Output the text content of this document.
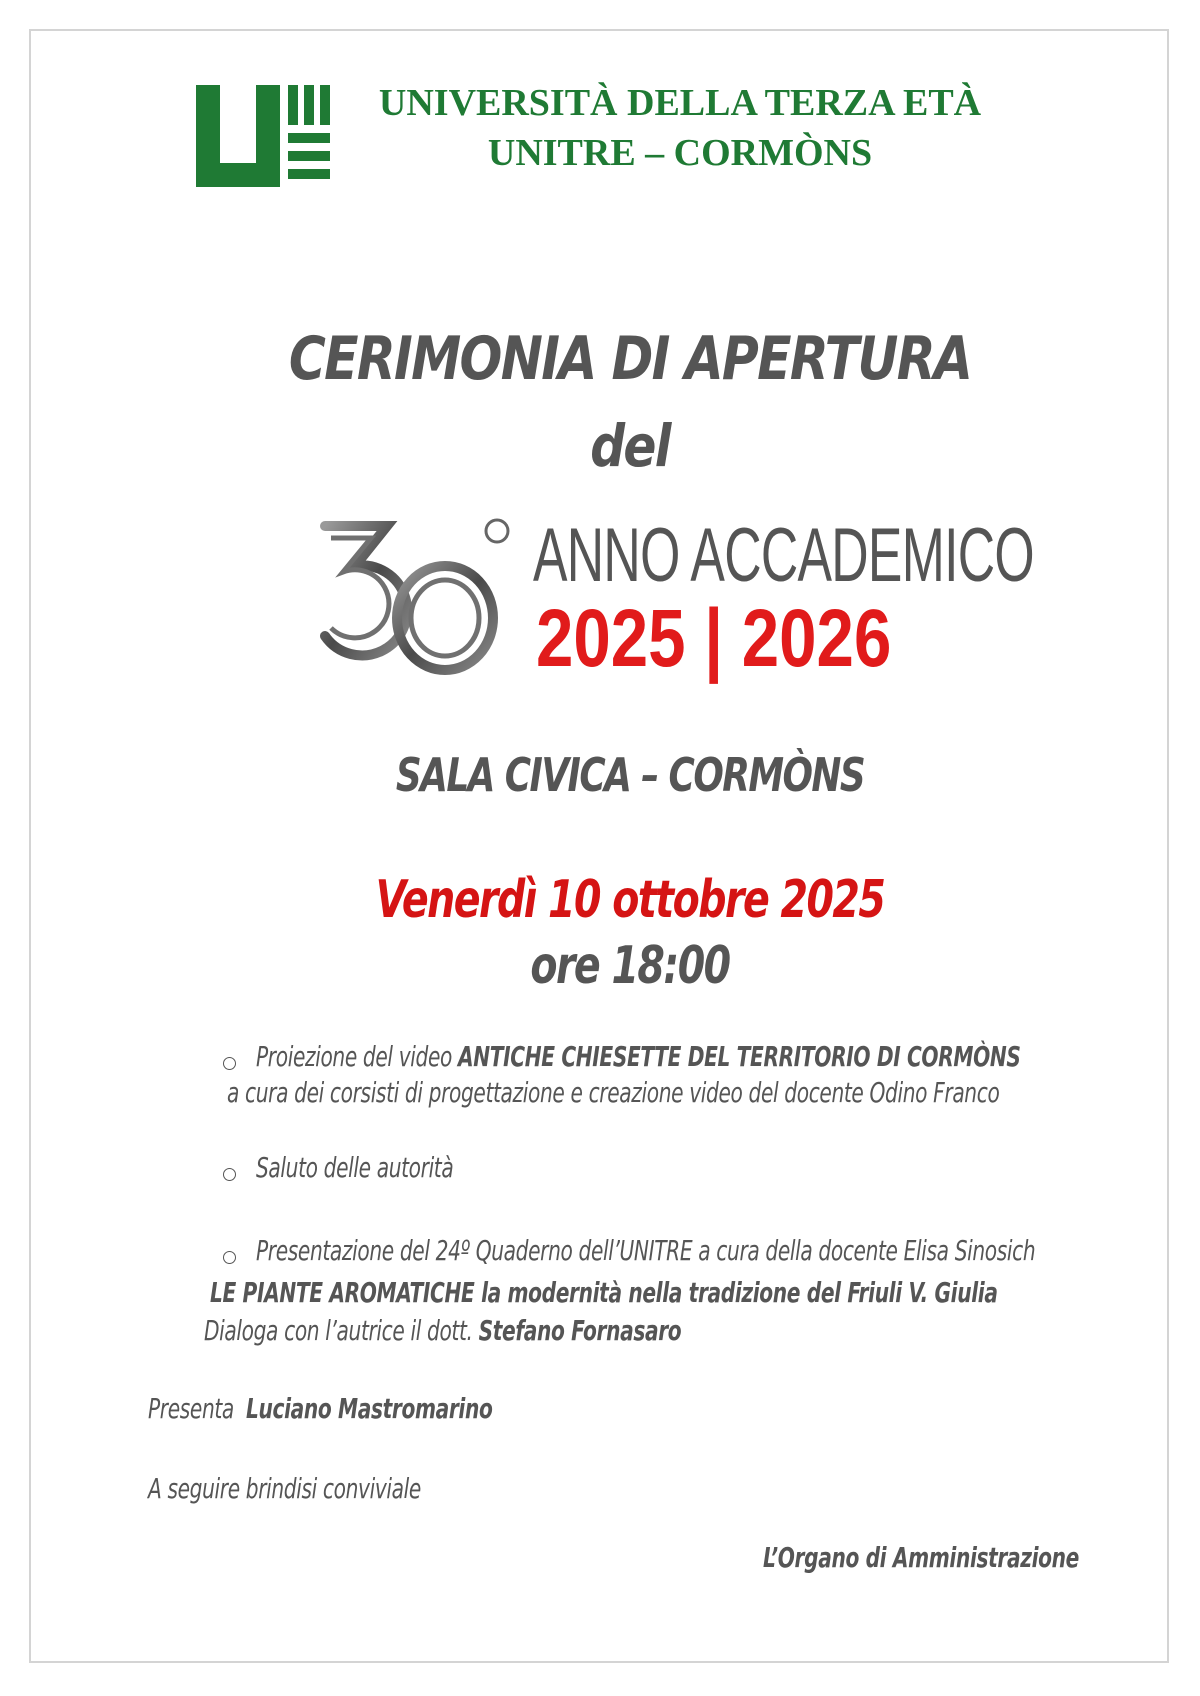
UNIVERSITÀ DELLA TERZA ETÀ
UNITRE – CORMÒNS
CERIMONIA DI APERTURA
del
ANNO ACCADEMICO
2025 | 2026
SALA CIVICA – CORMÒNS
Venerdì 10 ottobre 2025
ore 18:00
Proiezione del video ANTICHE CHIESETTE DEL TERRITORIO DI CORMÒNS
a cura dei corsisti di progettazione e creazione video del docente Odino Franco
Saluto delle autorità
Presentazione del 24º Quaderno dell’UNITRE a cura della docente Elisa Sinosich
LE PIANTE AROMATICHE la modernità nella tradizione del Friuli V. Giulia
Dialoga con l’autrice il dott. Stefano Fornasaro
Presenta Luciano Mastromarino
A seguire brindisi conviviale
L’Organo di Amministrazione
